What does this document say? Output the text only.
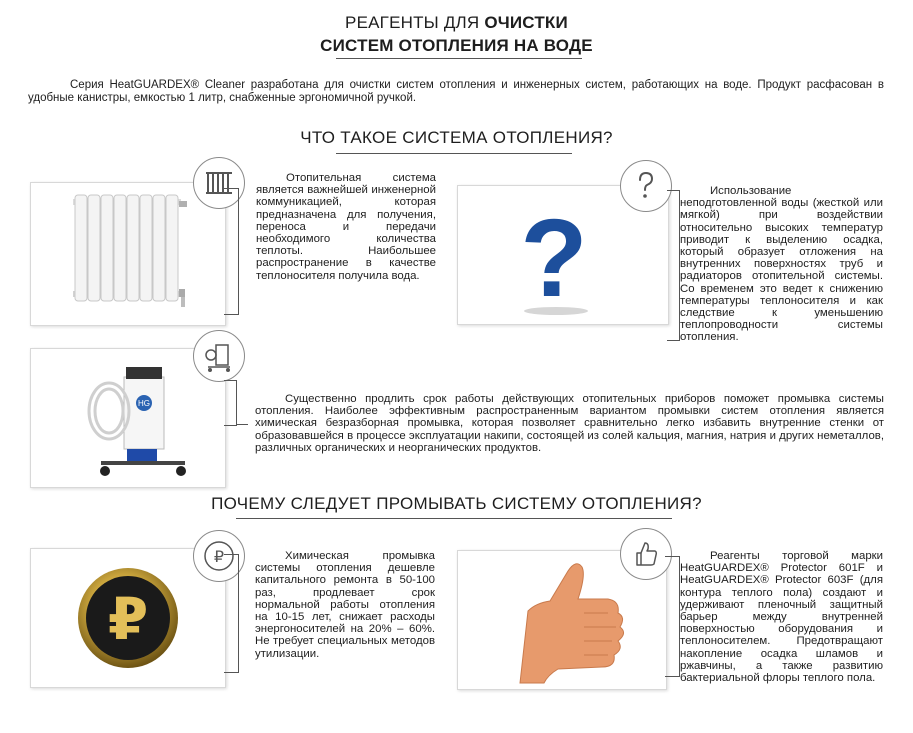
РЕАГЕНТЫ ДЛЯ ОЧИСТКИ
СИСТЕМ ОТОПЛЕНИЯ НА ВОДЕ
Серия HeatGUARDEX® Cleaner разработана для очистки систем отопления и инженерных систем, работающих на воде. Продукт расфасован в удобные канистры, емкостью 1 литр, снабженные эргономичной ручкой.
ЧТО ТАКОЕ СИСТЕМА ОТОПЛЕНИЯ?
Отопительная система является важнейшей инженерной коммуникацией, которая предназначена для получения, переноса и передачи необходимого количества теплоты. Наибольшее распространение в качестве теплоносителя получила вода. ?
Использование неподготовленной воды (жесткой или мягкой) при воздействии относительно высоких температур приводит к выделению осадка, который образует отложения на внутренних поверхностях труб и радиаторов отопительной системы. Со временем это ведет к снижению температуры теплоносителя и как следствие к уменьшению теплопроводности системы отопления.
HG	Существенно продлить срок работы действующих отопительных приборов поможет промывка системы отопления. Наиболее эффективным распространенным вариантом промывки систем отопления является химическая безразборная промывка, которая позволяет сравнительно легко избавить внутренние стенки от образовавшейся в процессе эксплуатации накипи, состоящей из солей кальция, магния, натрия и других неметаллов, различных органических и неорганических продуктов.
ПОЧЕМУ СЛЕДУЕТ ПРОМЫВАТЬ СИСТЕМУ ОТОПЛЕНИЯ?
₽
₽	Химическая промывка системы отопления дешевле капитального ремонта в 50-100 раз, продлевает срок нормальной работы отопления на 10-15 лет, снижает расходы энергоносителей на 20% – 60%. Не требует специальных методов утилизации.
Реагенты торговой марки HeatGUARDEX® Protector 601F и HeatGUARDEX® Protector 603F (для контура теплого пола) создают и удерживают пленочный защитный барьер между внутренней поверхностью оборудования и теплоносителем. Предотвращают накопление осадка шламов и ржавчины, а также развитию бактериальной флоры теплого пола.
